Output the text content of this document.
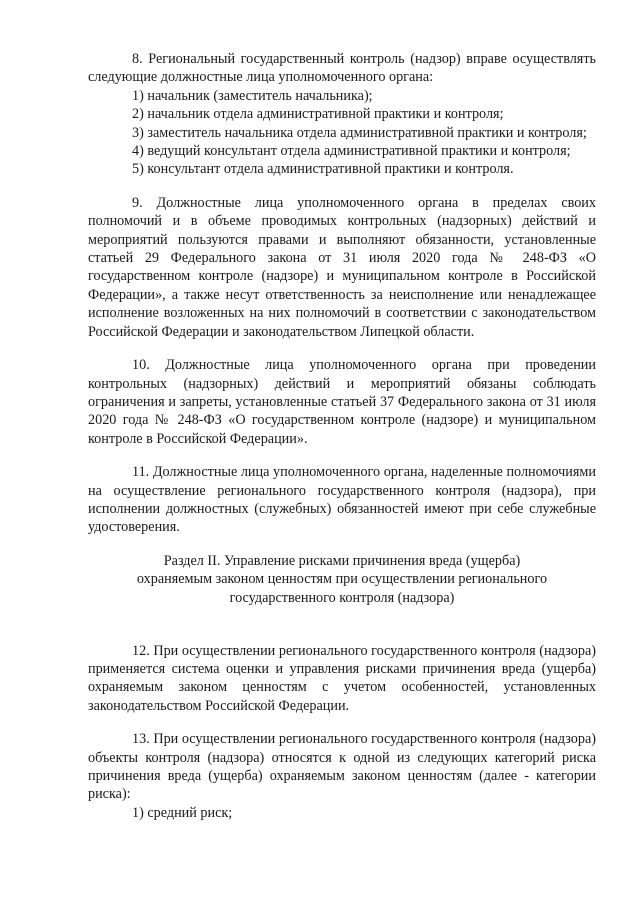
8. Региональный государственный контроль (надзор) вправе осуществлять следующие должностные лица уполномоченного органа:

1) начальник (заместитель начальника);

2) начальник отдела административной практики и контроля;

3) заместитель начальника отдела административной практики и контроля;

4) ведущий консультант отдела административной практики и контроля;

5) консультант отдела административной практики и контроля.

9. Должностные лица уполномоченного органа в пределах своих полномочий и в объеме проводимых контрольных (надзорных) действий и мероприятий пользуются правами и выполняют обязанности, установленные статьей 29 Федерального закона от 31 июля 2020 года № 248-ФЗ «О государственном контроле (надзоре) и муниципальном контроле в Российской Федерации», а также несут ответственность за неисполнение или ненадлежащее исполнение возложенных на них полномочий в соответствии с законодательством Российской Федерации и законодательством Липецкой области.

10. Должностные лица уполномоченного органа при проведении контрольных (надзорных) действий и мероприятий обязаны соблюдать ограничения и запреты, установленные статьей 37 Федерального закона от 31 июля 2020 года № 248-ФЗ «О государственном контроле (надзоре) и муниципальном контроле в Российской Федерации».

11. Должностные лица уполномоченного органа, наделенные полномочиями на осуществление регионального государственного контроля (надзора), при исполнении должностных (служебных) обязанностей имеют при себе служебные удостоверения.

Раздел II. Управление рисками причинения вреда (ущерба)
охраняемым законом ценностям при осуществлении регионального
государственного контроля (надзора)

12. При осуществлении регионального государственного контроля (надзора) применяется система оценки и управления рисками причинения вреда (ущерба) охраняемым законом ценностям с учетом особенностей, установленных законодательством Российской Федерации.

13. При осуществлении регионального государственного контроля (надзора) объекты контроля (надзора) относятся к одной из следующих категорий риска причинения вреда (ущерба) охраняемым законом ценностям (далее - категории риска):

1) средний риск;
